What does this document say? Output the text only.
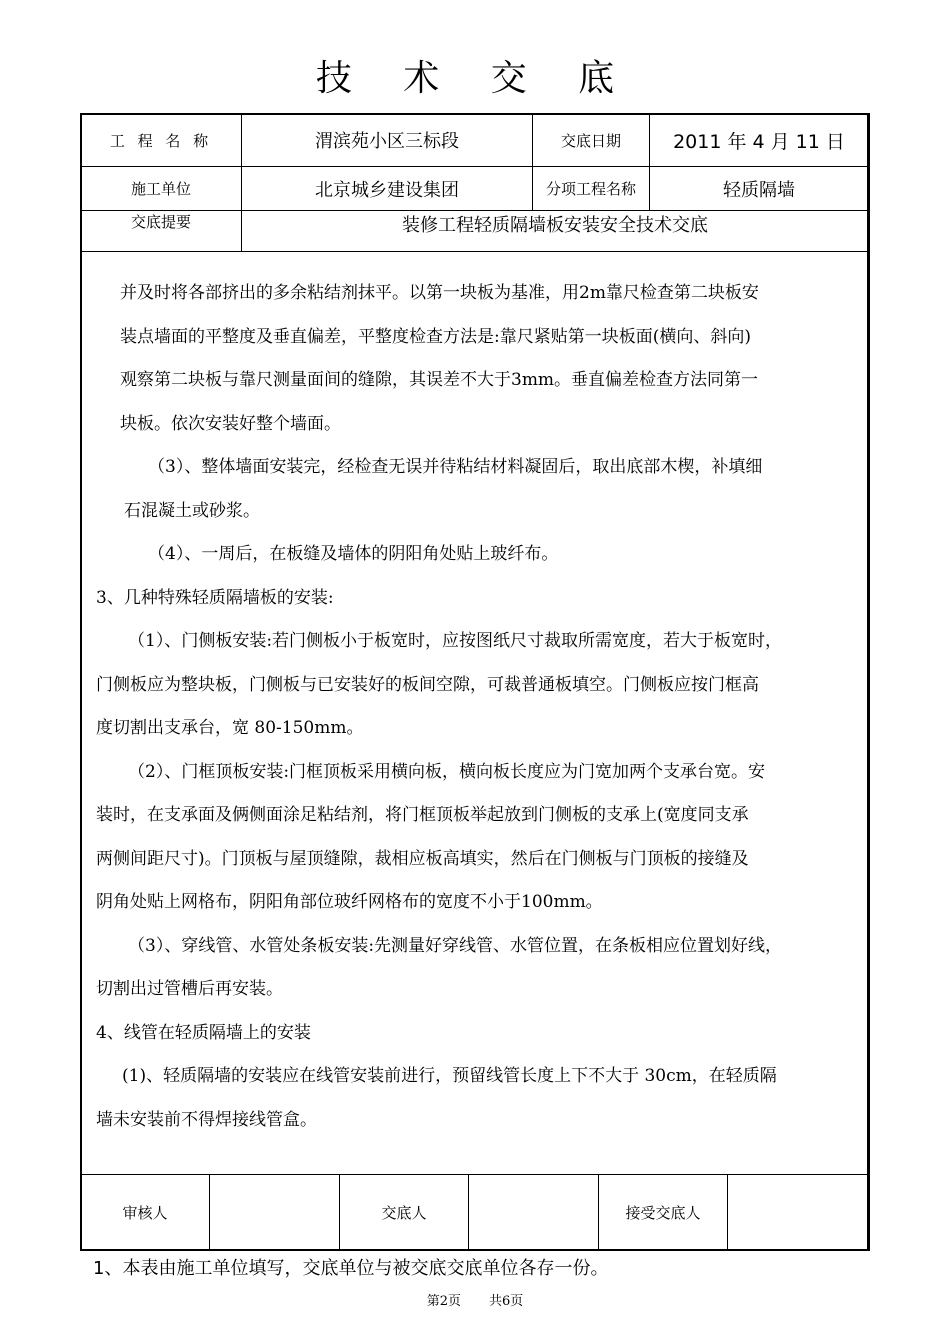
技 术 交 底
工 程 名 称	渭滨苑小区三标段	交底日期	2011 年 4 月 11 日
施工单位	北京城乡建设集团	分项工程名称	轻质隔墙
交底提要	装修工程轻质隔墙板安装安全技术交底

并及时将各部挤出的多余粘结剂抹平。以第一块板为基准，用2m靠尺检查第二块板安

装点墙面的平整度及垂直偏差，平整度检查方法是:靠尺紧贴第一块板面(横向、斜向)

观察第二块板与靠尺测量面间的缝隙，其误差不大于3mm。垂直偏差检查方法同第一

块板。依次安装好整个墙面。

（3）、整体墙面安装完，经检查无误并待粘结材料凝固后，取出底部木楔，补填细

石混凝土或砂浆。

（4）、一周后，在板缝及墙体的阴阳角处贴上玻纤布。

3、几种特殊轻质隔墙板的安装:

（1）、门侧板安装:若门侧板小于板宽时，应按图纸尺寸裁取所需宽度，若大于板宽时，

门侧板应为整块板，门侧板与已安装好的板间空隙，可裁普通板填空。门侧板应按门框高

度切割出支承台，宽 80-150mm。

（2）、门框顶板安装:门框顶板采用横向板，横向板长度应为门宽加两个支承台宽。安

装时，在支承面及俩侧面涂足粘结剂，将门框顶板举起放到门侧板的支承上(宽度同支承

两侧间距尺寸)。门顶板与屋顶缝隙，裁相应板高填实，然后在门侧板与门顶板的接缝及

阴角处贴上网格布，阴阳角部位玻纤网格布的宽度不小于100mm。

（3）、穿线管、水管处条板安装:先测量好穿线管、水管位置，在条板相应位置划好线，

切割出过管槽后再安装。

4、线管在轻质隔墙上的安装

(1)、轻质隔墙的安装应在线管安装前进行，预留线管长度上下不大于 30cm，在轻质隔

墙未安装前不得焊接线管盒。

审核人	交底人	接受交底人
1、本表由施工单位填写，交底单位与被交底交底单位各存一份。
第2页 共6页
